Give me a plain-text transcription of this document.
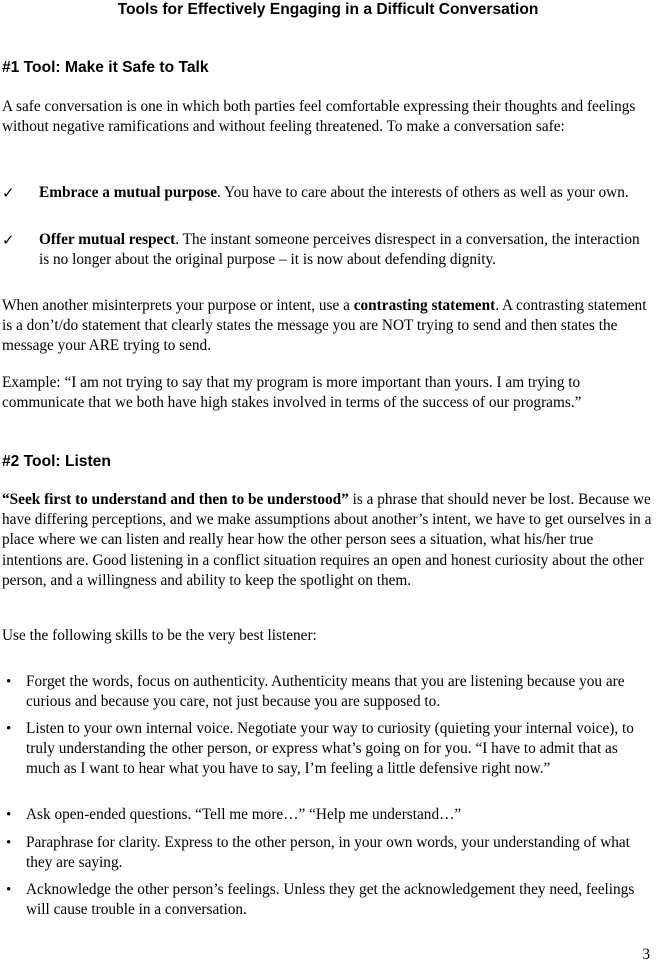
Tools for Effectively Engaging in a Difficult Conversation
#1 Tool: Make it Safe to Talk

A safe conversation is one in which both parties feel comfortable expressing their thoughts and feelings without negative ramifications and without feeling threatened. To make a conversation safe:

✓ Embrace a mutual purpose. You have to care about the interests of others as well as your own.

✓ Offer mutual respect. The instant someone perceives disrespect in a conversation, the interaction is no longer about the original purpose – it is now about defending dignity.

When another misinterprets your purpose or intent, use a contrasting statement. A contrasting statement is a don’t/do statement that clearly states the message you are NOT trying to send and then states the message your ARE trying to send.

Example: “I am not trying to say that my program is more important than yours. I am trying to communicate that we both have high stakes involved in terms of the success of our programs.”

#2 Tool: Listen

“Seek first to understand and then to be understood” is a phrase that should never be lost. Because we have differing perceptions, and we make assumptions about another’s intent, we have to get ourselves in a place where we can listen and really hear how the other person sees a situation, what his/her true intentions are. Good listening in a conflict situation requires an open and honest curiosity about the other person, and a willingness and ability to keep the spotlight on them.

Use the following skills to be the very best listener:

• Forget the words, focus on authenticity. Authenticity means that you are listening because you are curious and because you care, not just because you are supposed to.

• Listen to your own internal voice. Negotiate your way to curiosity (quieting your internal voice), to truly understanding the other person, or express what’s going on for you. “I have to admit that as much as I want to hear what you have to say, I’m feeling a little defensive right now.”

• Ask open-ended questions. “Tell me more…” “Help me understand…”

• Paraphrase for clarity. Express to the other person, in your own words, your understanding of what they are saying.

• Acknowledge the other person’s feelings. Unless they get the acknowledgement they need, feelings will cause trouble in a conversation.

3
